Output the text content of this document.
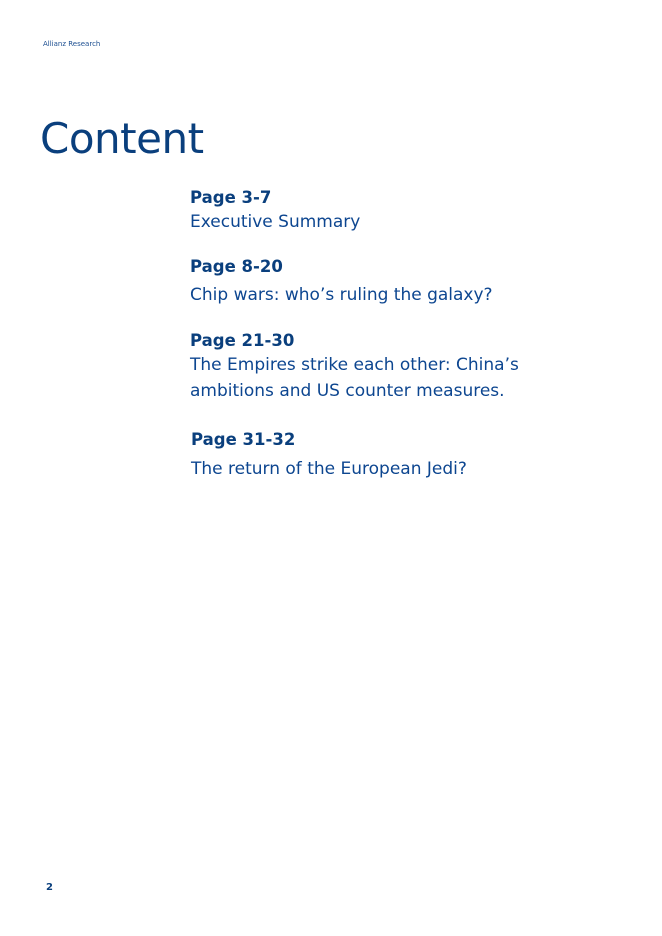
Allianz Research
Content
Page 3-7
Executive Summary
Page 8-20
Chip wars: who’s ruling the galaxy?
Page 21-30
The Empires strike each other: China’s
ambitions and US counter measures.
Page 31-32
The return of the European Jedi?
2
